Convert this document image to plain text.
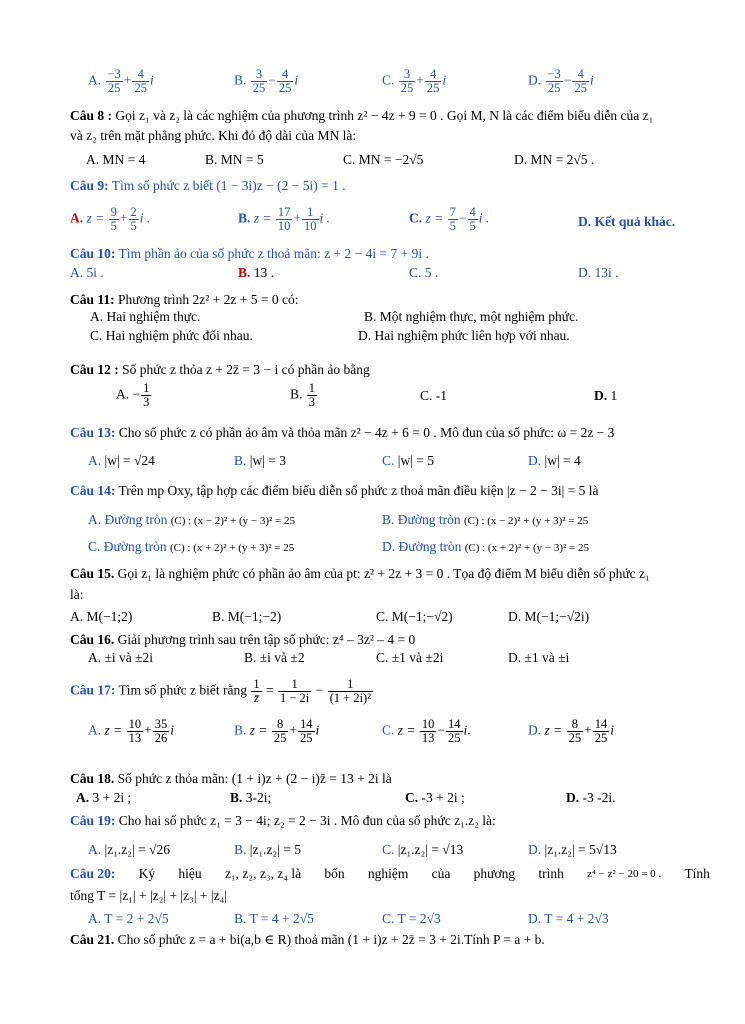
A. $\frac{-3}{25} + \frac{4}{25}$ i	B. $\frac{3}{25} - \frac{4}{25}$ i	C. $\frac{3}{25} + \frac{4}{25}$ i	D. $\frac{-3}{25} - \frac{4}{25}$ i
Câu 8 : Gọi z₁ và z₂ là các nghiệm của phương trình z² − 4z + 9 = 0 . Gọi M, N là các điểm biểu diễn của z₁
và z₂ trên mặt phẳng phức. Khi đó độ dài của MN là:
A. MN = 4	B. MN = 5	C. MN = −2√5	D. MN = 2√5 .
Câu 9: Tìm số phức z biết (1 − 3i)z − (2 − 5i) = 1 .
A. $z = \frac{9}{5} + \frac{2}{5}$ i .	B. $z = \frac{17}{10} + \frac{1}{10}$ i .	C. $z = \frac{7}{5} - \frac{4}{5}$ i .	D. Kết quả khác.
Câu 10: Tìm phần ảo của số phức z thoả mãn: z + 2 − 4i = 7 + 9i .
A. 5i .	B. 13 .	C. 5 .	D. 13i .
Câu 11: Phương trình 2z² + 2z + 5 = 0 có:
A. Hai nghiệm thực.	B. Một nghiệm thực, một nghiệm phức.
C. Hai nghiệm phức đối nhau.	D. Hai nghiệm phức liên hợp với nhau.
Câu 12 : Số phức z thỏa z + 2z̄ = 3 − i có phần ảo bằng
A. − $\frac{1}{3}$	B. $\frac{1}{3}$	C. -1	D. 1
Câu 13: Cho số phức z có phần ảo âm và thỏa mãn z² − 4z + 6 = 0 . Mô đun của số phức: ω = 2z − 3
A. |w| = √24	B. |w| = 3	C. |w| = 5	D. |w| = 4
Câu 14: Trên mp Oxy, tập hợp các điểm biểu diễn số phức z thoả mãn điều kiện |z − 2 − 3i| = 5 là
A. Đường tròn (C) : (x − 2)² + (y − 3)² = 25	B. Đường tròn (C) : (x − 2)² + (y + 3)² = 25
C. Đường tròn (C) : (x + 2)² + (y + 3)² = 25	D. Đường tròn (C) : (x + 2)² + (y − 3)² = 25
Câu 15. Gọi z₁ là nghiệm phức có phần ảo âm của pt: z² + 2z + 3 = 0 . Tọa độ điểm M biểu diễn số phức z₁
là:
A. M(−1;2)	B. M(−1;−2)	C. M(−1;−√2)	D. M(−1;−√2i)
Câu 16. Giải phương trình sau trên tập số phức: z⁴ – 3z² – 4 = 0
A. ±i và ±2i	B. ±i và ±2	C. ±1 và ±2i	D. ±1 và ±i
Câu 17: Tìm số phức z biết rằng $\frac{1}{z̄} = \frac{1}{1 - 2i} - \frac{1}{\text{(1 + 2i)²}}$
A. $z = \frac{10}{13} + \frac{35}{26}$ i	B. $z = \frac{8}{25} + \frac{14}{25}$ i	C. $z = \frac{10}{13} - \frac{14}{25} i$.	D. $z = \frac{8}{25} + \frac{14}{25}$ i
Câu 18. Số phức z thỏa mãn: (1 + i)z + (2 − i)z̄ = 13 + 2i là
A. 3 + 2i ;	B. 3-2i;	C. -3 + 2i ;	D. -3 -2i.
Câu 19: Cho hai số phức z₁ = 3 − 4i; z₂ = 2 − 3i . Mô đun của số phức z₁.z₂ là:
A. |z₁.z₂| = √26	B. |z₁.z₂| = 5	C. |z₁.z₂| = √13	D. |z₁.z₂| = 5√13
Câu 20: Ký hiệu z₁, z₂, z₃, z₄ là bốn nghiệm của phương trình z⁴ − z² − 20 = 0 . Tính
tổng T = |z₁| + |z₂| + |z₃| + |z₄|
A. T = 2 + 2√5	B. T = 4 + 2√5	C. T = 2√3	D. T = 4 + 2√3
Câu 21. Cho số phức z = a + bi(a,b ∈ R) thoả mãn (1 + i)z + 2z̄ = 3 + 2i.Tính P = a + b.
